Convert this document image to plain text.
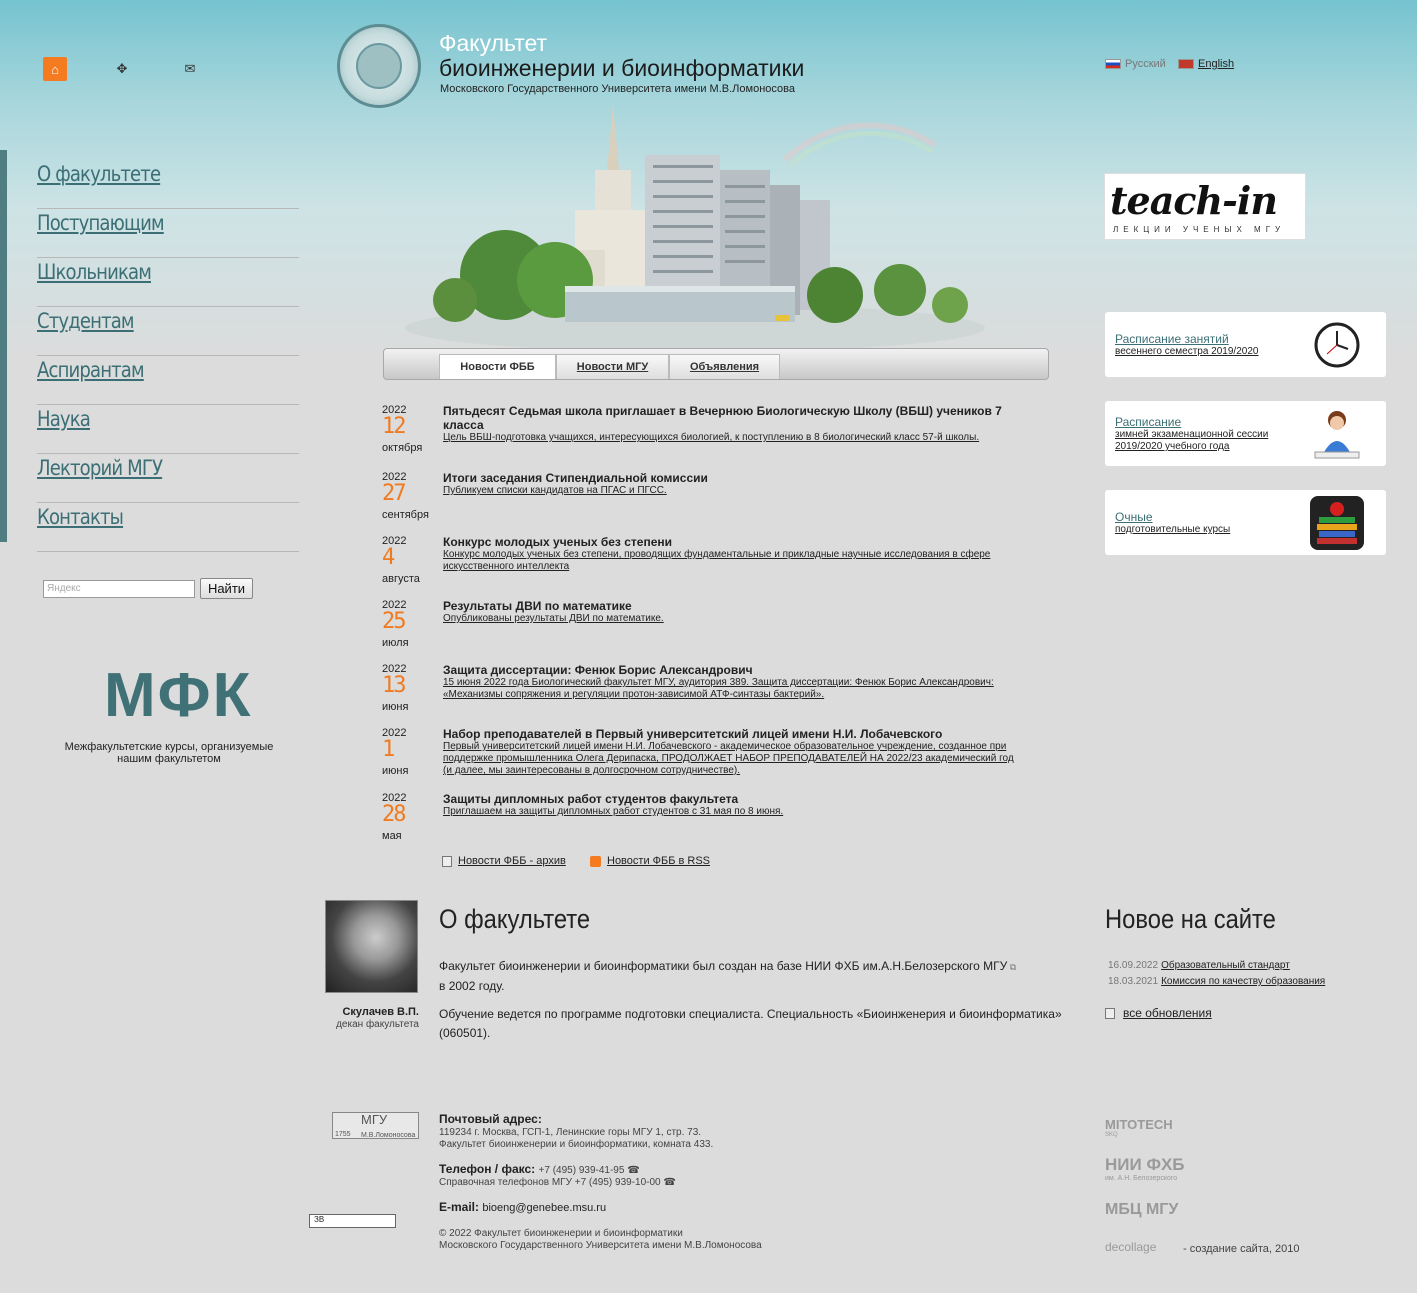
⌂	✥	✉
Факультет
биоинженерии и биоинформатики
Московского Государственного Университета имени М.В.Ломоносова
Русский	English
О факультете
Поступающим
Школьникам
Студентам
Аспирантам
Наука
Лекторий МГУ
Контакты
Яндекс	Найти
МФК
Межфакультетские курсы, организуемые нашим факультетом
Новости ФББ	Новости МГУ	Объявления
2022
12
октября
Пятьдесят Седьмая школа приглашает в Вечернюю Биологическую Школу (ВБШ) учеников 7 класса
Цель ВБШ-подготовка учащихся, интересующихся биологией, к поступлению в 8 биологический класс 57-й школы.
2022
27
сентября
Итоги заседания Стипендиальной комиссии
Публикуем списки кандидатов на ПГАС и ПГСС.
2022
4
августа
Конкурс молодых ученых без степени
Конкурс молодых ученых без степени, проводящих фундаментальные и прикладные научные исследования в сфере искусственного интеллекта
2022
25
июля
Результаты ДВИ по математике
Опубликованы результаты ДВИ по математике.
2022
13
июня
Защита диссертации: Фенюк Борис Александрович
15 июня 2022 года Биологический факультет МГУ, аудитория 389. Защита диссертации: Фенюк Борис Александрович: «Механизмы сопряжения и регуляции протон-зависимой АТФ-синтазы бактерий».
2022
1
июня
Набор преподавателей в Первый университетский лицей имени Н.И. Лобачевского
Первый университетский лицей имени Н.И. Лобачевского - академическое образовательное учреждение, созданное при поддержке промышленника Олега Дерипаска, ПРОДОЛЖАЕТ НАБОР ПРЕПОДАВАТЕЛЕЙ НА 2022/23 академический год (и далее, мы заинтересованы в долгосрочном сотрудничестве).
2022
28
мая
Защиты дипломных работ студентов факультета
Приглашаем на защиты дипломных работ студентов с 31 мая по 8 июня.
Новости ФББ - архив	Новости ФББ в RSS
teach-in
ЛЕКЦИИ УЧЕНЫХ МГУ
Расписание занятий
весеннего семестра 2019/2020
Расписание
зимней экзаменационной сессии 2019/2020 учебного года
Очные
подготовительные курсы
Скулачев В.П.
декан факультета
О факультете
Факультет биоинженерии и биоинформатики был создан на базе НИИ ФХБ им.А.Н.Белозерского МГУ ⧉
в 2002 году.
Обучение ведется по программе подготовки специалиста. Специальность «Биоинженерия и биоинформатика» (060501).
Новое на сайте
16.09.2022 Образовательный стандарт
18.03.2021 Комиссия по качеству образования
все обновления
МГУ

1755 М.В.Ломоносова
Почтовый адрес:
119234 г. Москва, ГСП-1, Ленинские горы МГУ 1, стр. 73.
Факультет биоинженерии и биоинформатики, комната 433.
Телефон / факс: +7 (495) 939-41-95 ☎
Справочная телефонов МГУ +7 (495) 939-10-00 ☎
E-mail: bioeng@genebee.msu.ru
© 2022 Факультет биоинженерии и биоинформатики
Московского Государственного Университета имени М.В.Ломоносова
ЗВ
MITOTECH
SKQ
НИИ ФХБ
им. А.Н. Белозерского
МБЦ МГУ
decollage - создание сайта, 2010
